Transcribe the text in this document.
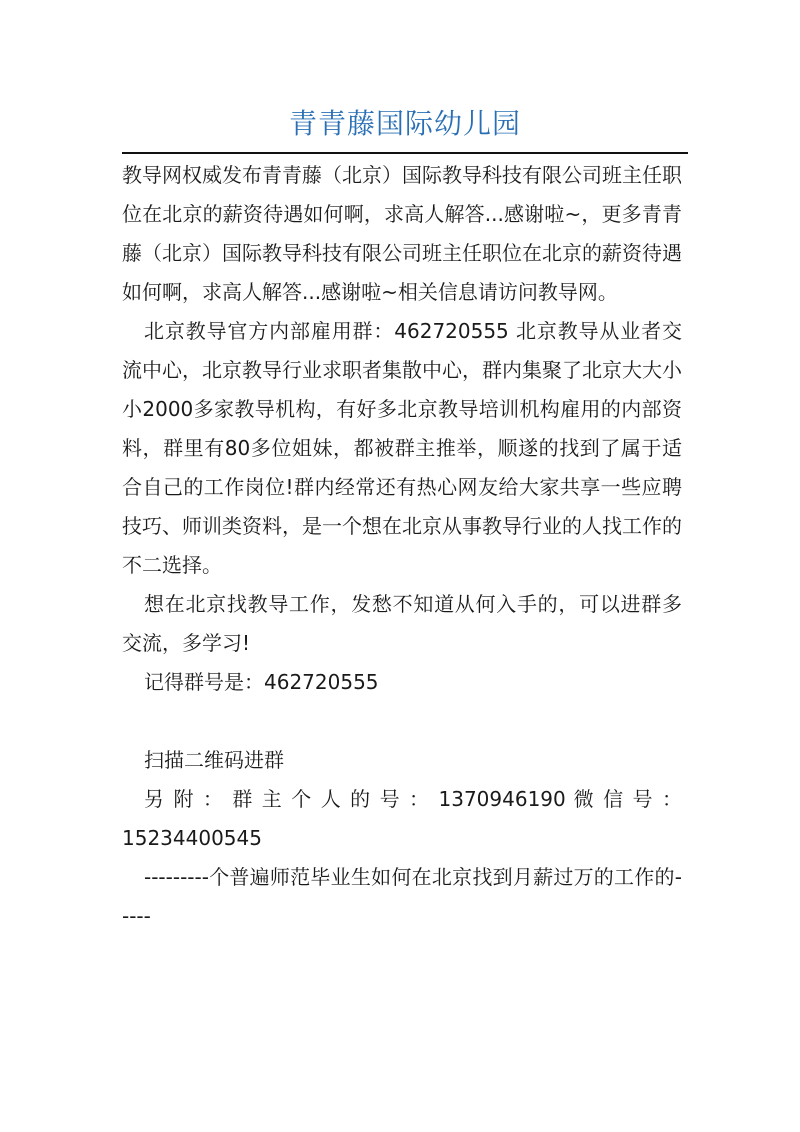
青青藤国际幼儿园

教导网权威发布青青藤（北京）国际教导科技有限公司班主任职位在北京的薪资待遇如何啊，求高人解答...感谢啦~，更多青青藤（北京）国际教导科技有限公司班主任职位在北京的薪资待遇如何啊，求高人解答...感谢啦~相关信息请访问教导网。

北京教导官方内部雇用群：462720555 北京教导从业者交流中心，北京教导行业求职者集散中心，群内集聚了北京大大小小2000多家教导机构，有好多北京教导培训机构雇用的内部资料，群里有80多位姐妹，都被群主推举，顺遂的找到了属于适合自己的工作岗位!群内经常还有热心网友给大家共享一些应聘技巧、师训类资料，是一个想在北京从事教导行业的人找工作的不二选择。

想在北京找教导工作，发愁不知道从何入手的，可以进群多交流，多学习!

记得群号是：462720555

扫描二维码进群

另 附 ： 群 主 个 人 的 号 ： 1370946190 微 信 号 ：

15234400545

---------个普遍师范毕业生如何在北京找到月薪过万的工作的-----
